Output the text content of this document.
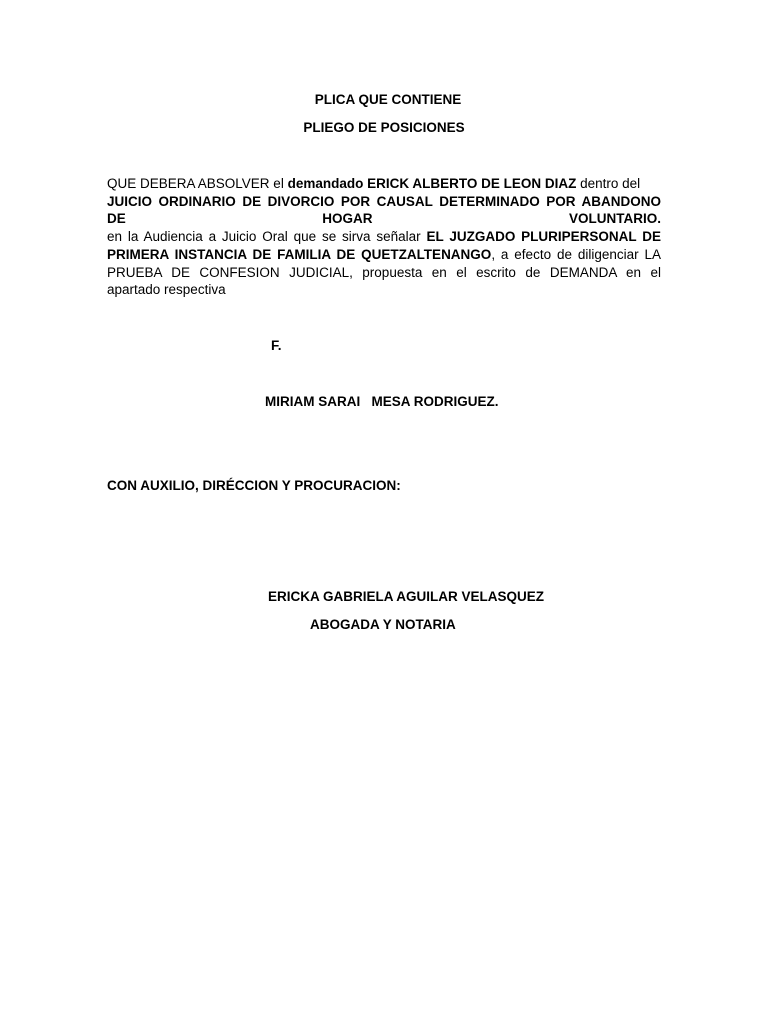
PLICA QUE CONTIENE
PLIEGO DE POSICIONES
QUE DEBERA ABSOLVER el demandado ERICK ALBERTO DE LEON DIAZ dentro del
JUICIO ORDINARIO DE DIVORCIO POR CAUSAL DETERMINADO POR ABANDONO
DE	HOGAR	VOLUNTARIO.
en la Audiencia a Juicio Oral que se sirva señalar EL JUZGADO PLURIPERSONAL DE
PRIMERA INSTANCIA DE FAMILIA DE QUETZALTENANGO, a efecto de diligenciar LA
PRUEBA DE CONFESION JUDICIAL, propuesta en el escrito de DEMANDA en el
apartado respectiva
F.
MIRIAM SARAI   MESA RODRIGUEZ.
CON AUXILIO, DIRÉCCION Y PROCURACION:
ERICKA GABRIELA AGUILAR VELASQUEZ
ABOGADA Y NOTARIA
